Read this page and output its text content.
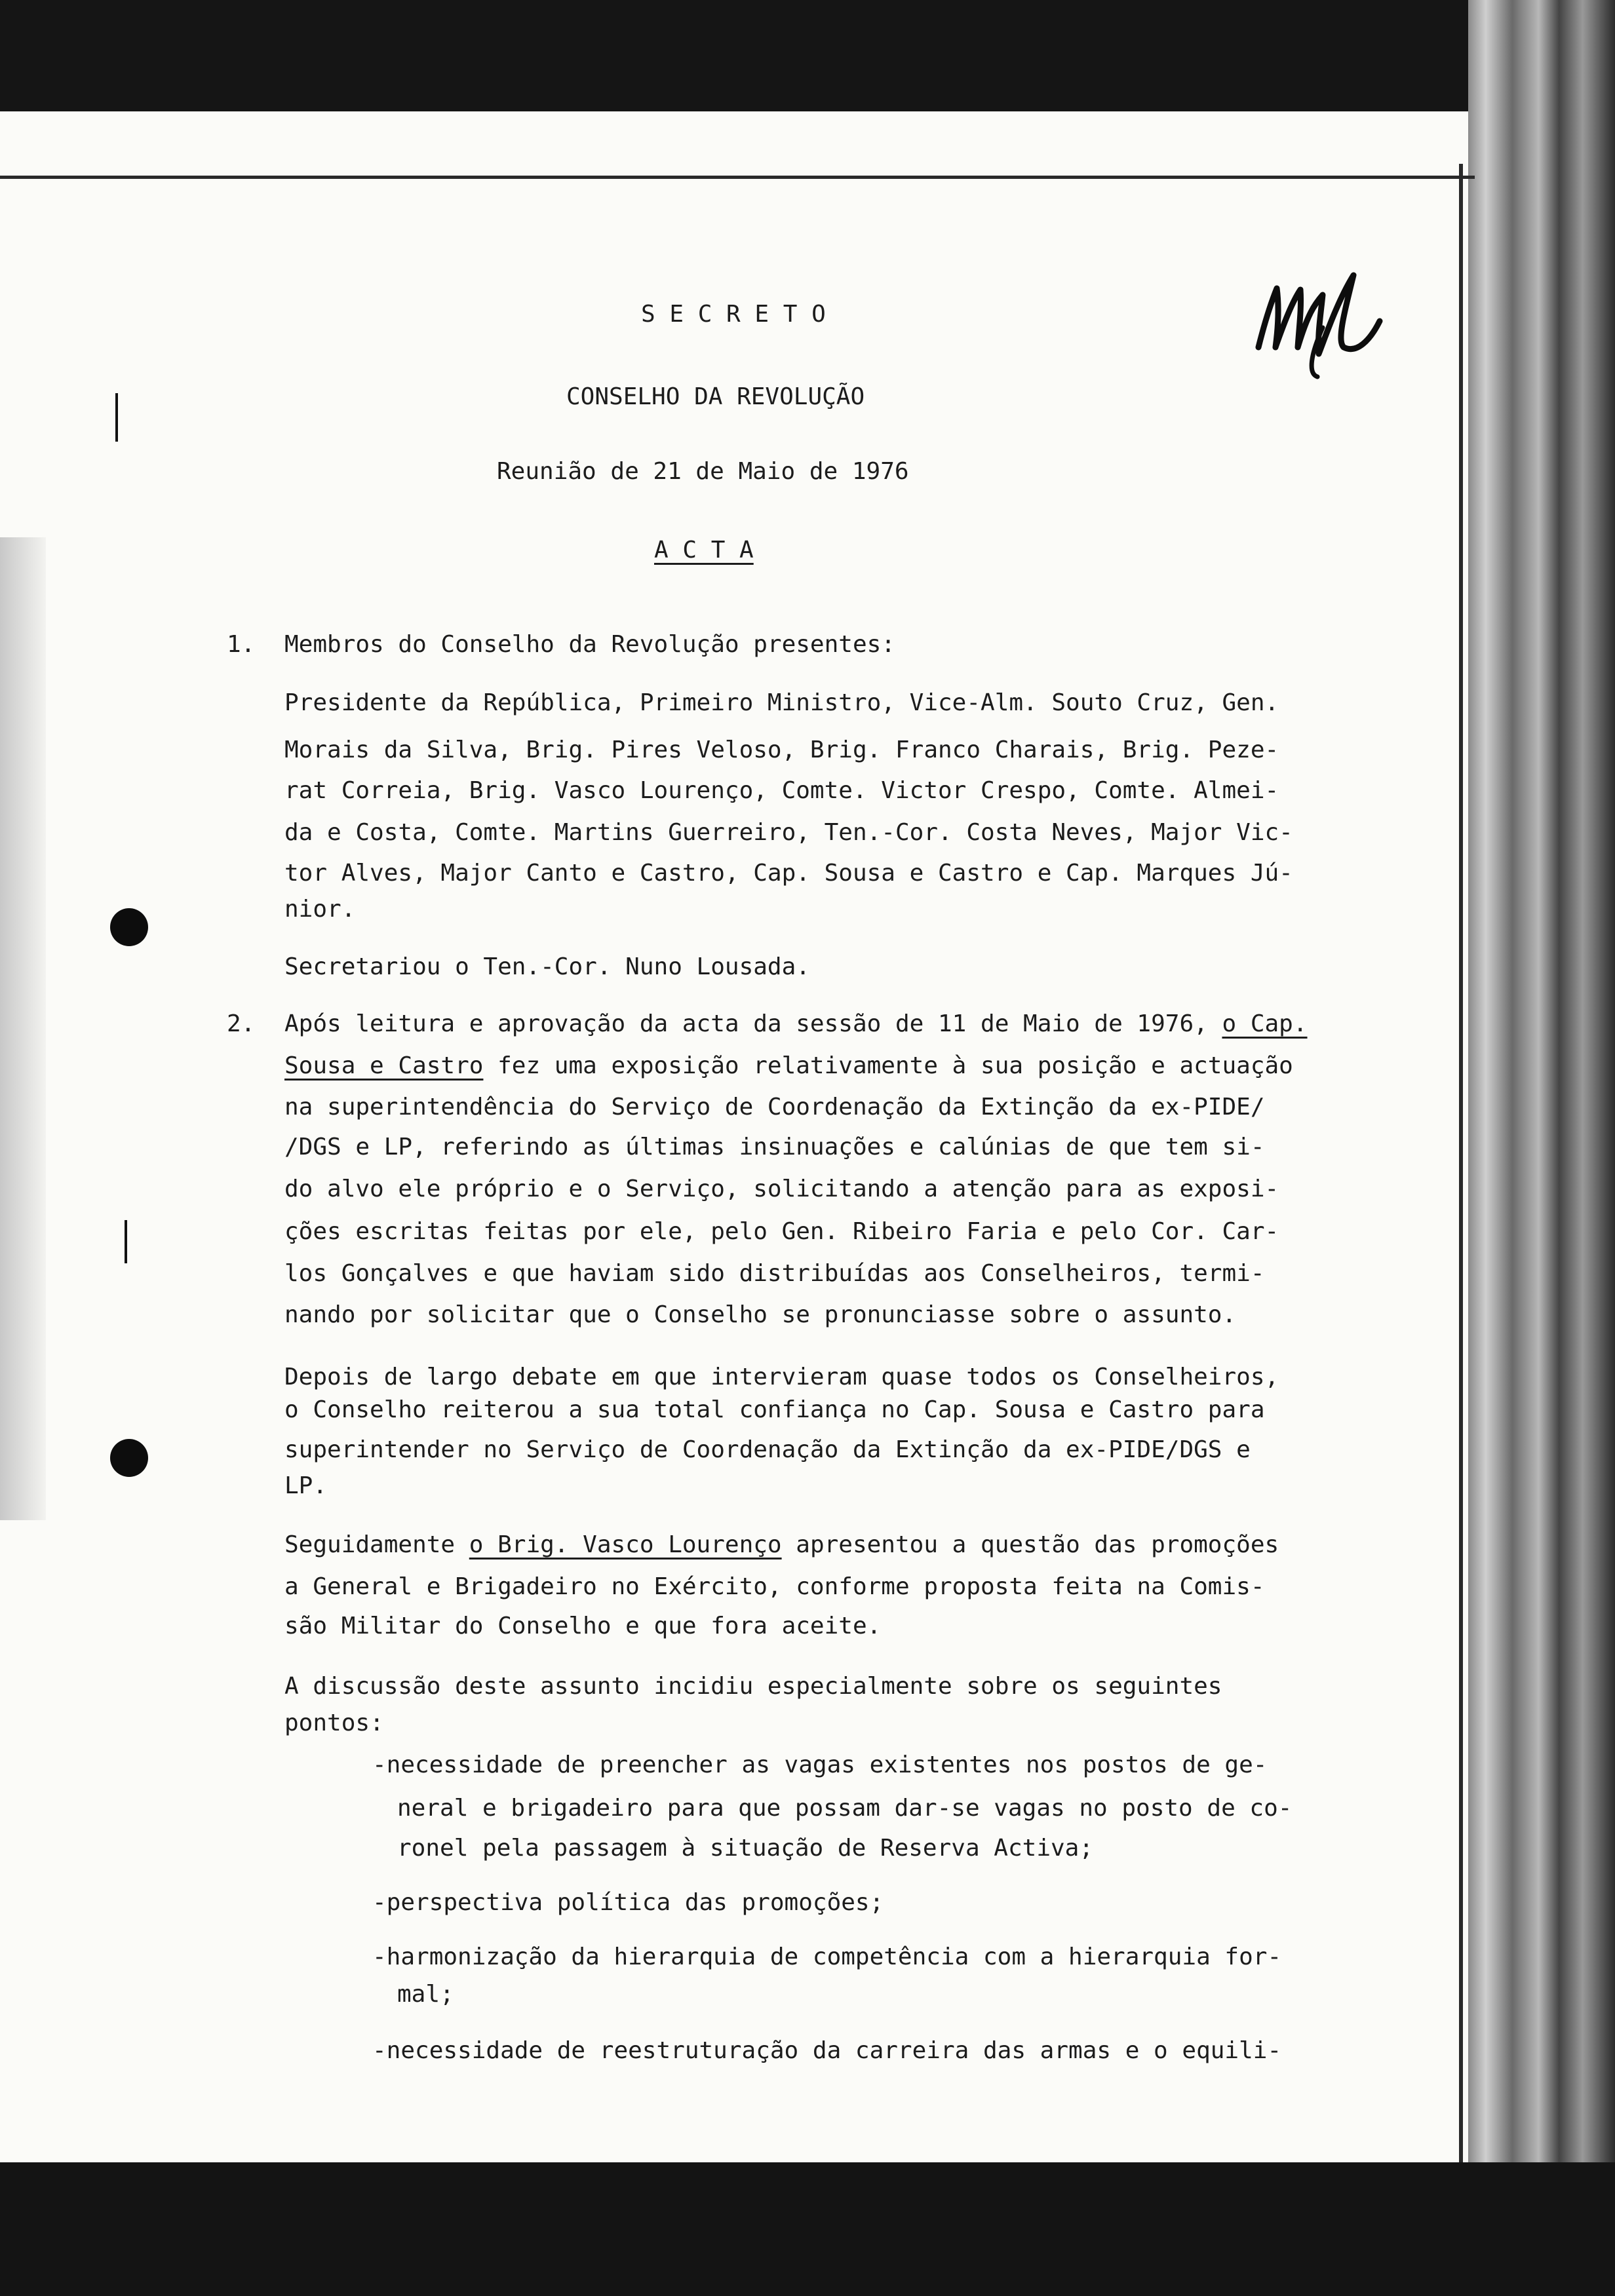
S E C R E T O
CONSELHO DA REVOLUÇÃO
Reunião de 21 de Maio de 1976
A C T A
1. Membros do Conselho da Revolução presentes:
Presidente da República, Primeiro Ministro, Vice-Alm. Souto Cruz, Gen.
Morais da Silva, Brig. Pires Veloso, Brig. Franco Charais, Brig. Peze-
rat Correia, Brig. Vasco Lourenço, Comte. Victor Crespo, Comte. Almei-
da e Costa, Comte. Martins Guerreiro, Ten.-Cor. Costa Neves, Major Vic-
tor Alves, Major Canto e Castro, Cap. Sousa e Castro e Cap. Marques Jú-
nior.
Secretariou o Ten.-Cor. Nuno Lousada.
2. Após leitura e aprovação da acta da sessão de 11 de Maio de 1976, o Cap.
Sousa e Castro fez uma exposição relativamente à sua posição e actuação
na superintendência do Serviço de Coordenação da Extinção da ex-PIDE/
/DGS e LP, referindo as últimas insinuações e calúnias de que tem si-
do alvo ele próprio e o Serviço, solicitando a atenção para as exposi-
ções escritas feitas por ele, pelo Gen. Ribeiro Faria e pelo Cor. Car-
los Gonçalves e que haviam sido distribuídas aos Conselheiros, termi-
nando por solicitar que o Conselho se pronunciasse sobre o assunto.
Depois de largo debate em que intervieram quase todos os Conselheiros,
o Conselho reiterou a sua total confiança no Cap. Sousa e Castro para
superintender no Serviço de Coordenação da Extinção da ex-PIDE/DGS e
LP.
Seguidamente o Brig. Vasco Lourenço apresentou a questão das promoções
a General e Brigadeiro no Exército, conforme proposta feita na Comis-
são Militar do Conselho e que fora aceite.
A discussão deste assunto incidiu especialmente sobre os seguintes
pontos:
-necessidade de preencher as vagas existentes nos postos de ge-
neral e brigadeiro para que possam dar-se vagas no posto de co-
ronel pela passagem à situação de Reserva Activa;
-perspectiva política das promoções;
-harmonização da hierarquia de competência com a hierarquia for-
mal;
-necessidade de reestruturação da carreira das armas e o equili-
